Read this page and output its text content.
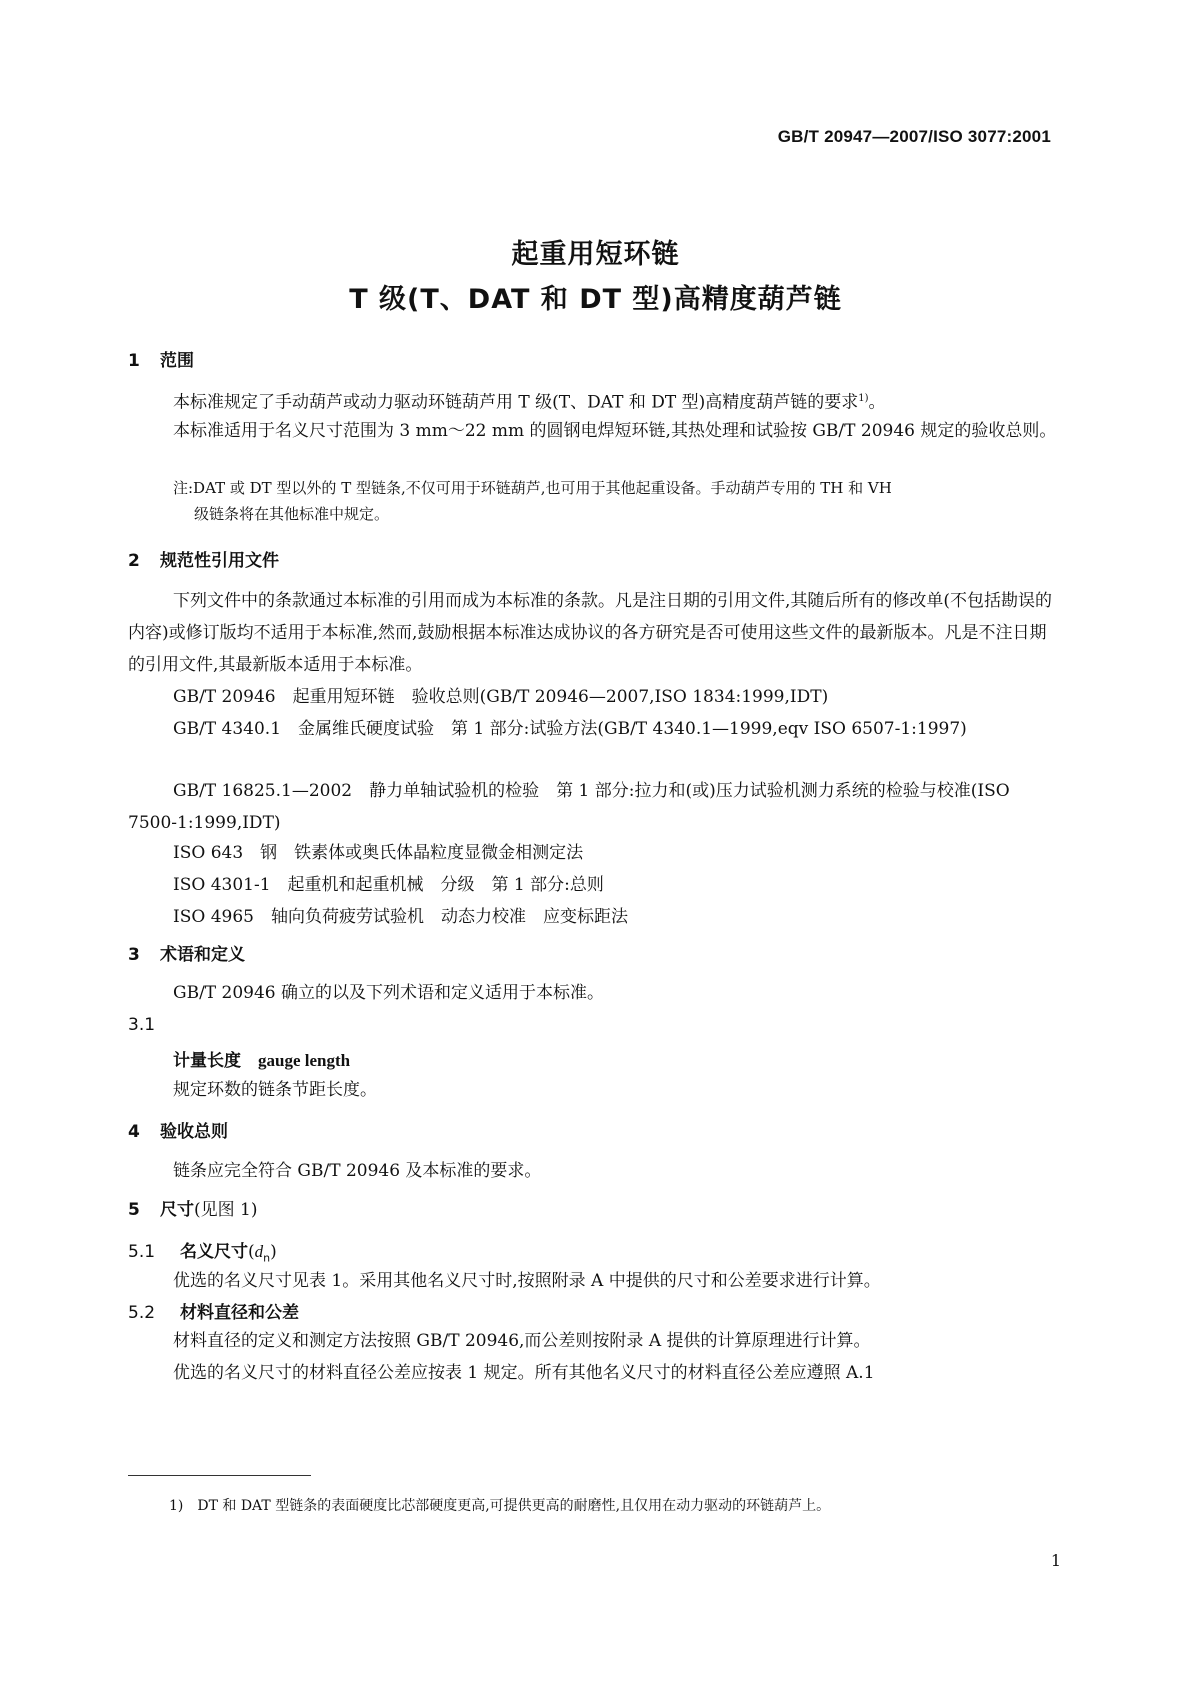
GB/T 20947—2007/ISO 3077:2001
起重用短环链
T 级(T、DAT 和 DT 型)高精度葫芦链
1 范围
本标准规定了手动葫芦或动力驱动环链葫芦用 T 级(T、DAT 和 DT 型)高精度葫芦链的要求$^{1)}$。
本标准适用于名义尺寸范围为 3 mm～22 mm 的圆钢电焊短环链,其热处理和试验按 GB/T 20946 规定的验收总则。
注:DAT 或 DT 型以外的 T 型链条,不仅可用于环链葫芦,也可用于其他起重设备。手动葫芦专用的 TH 和 VH
级链条将在其他标准中规定。
2 规范性引用文件
下列文件中的条款通过本标准的引用而成为本标准的条款。凡是注日期的引用文件,其随后所有的修改单(不包括勘误的内容)或修订版均不适用于本标准,然而,鼓励根据本标准达成协议的各方研究是否可使用这些文件的最新版本。凡是不注日期的引用文件,其最新版本适用于本标准。
GB/T 20946　起重用短环链　验收总则(GB/T 20946—2007,ISO 1834:1999,IDT)
GB/T 4340.1　金属维氏硬度试验　第 1 部分:试验方法(GB/T 4340.1—1999,eqv ISO 6507-1:1997)
GB/T 16825.1—2002　静力单轴试验机的检验　第 1 部分:拉力和(或)压力试验机测力系统的检验与校准(ISO 7500-1:1999,IDT)
ISO 643　钢　铁素体或奥氏体晶粒度显微金相测定法
ISO 4301-1　起重机和起重机械　分级　第 1 部分:总则
ISO 4965　轴向负荷疲劳试验机　动态力校准　应变标距法
3 术语和定义
GB/T 20946 确立的以及下列术语和定义适用于本标准。
3.1
计量长度  gauge length
规定环数的链条节距长度。
4 验收总则
链条应完全符合 GB/T 20946 及本标准的要求。
5 尺寸(见图 1)
5.1 名义尺寸$(d_n)$
优选的名义尺寸见表 1。采用其他名义尺寸时,按照附录 A 中提供的尺寸和公差要求进行计算。
5.2 材料直径和公差
材料直径的定义和测定方法按照 GB/T 20946,而公差则按附录 A 提供的计算原理进行计算。
优选的名义尺寸的材料直径公差应按表 1 规定。所有其他名义尺寸的材料直径公差应遵照 A.1
1)　DT 和 DAT 型链条的表面硬度比芯部硬度更高,可提供更高的耐磨性,且仅用在动力驱动的环链葫芦上。
1
